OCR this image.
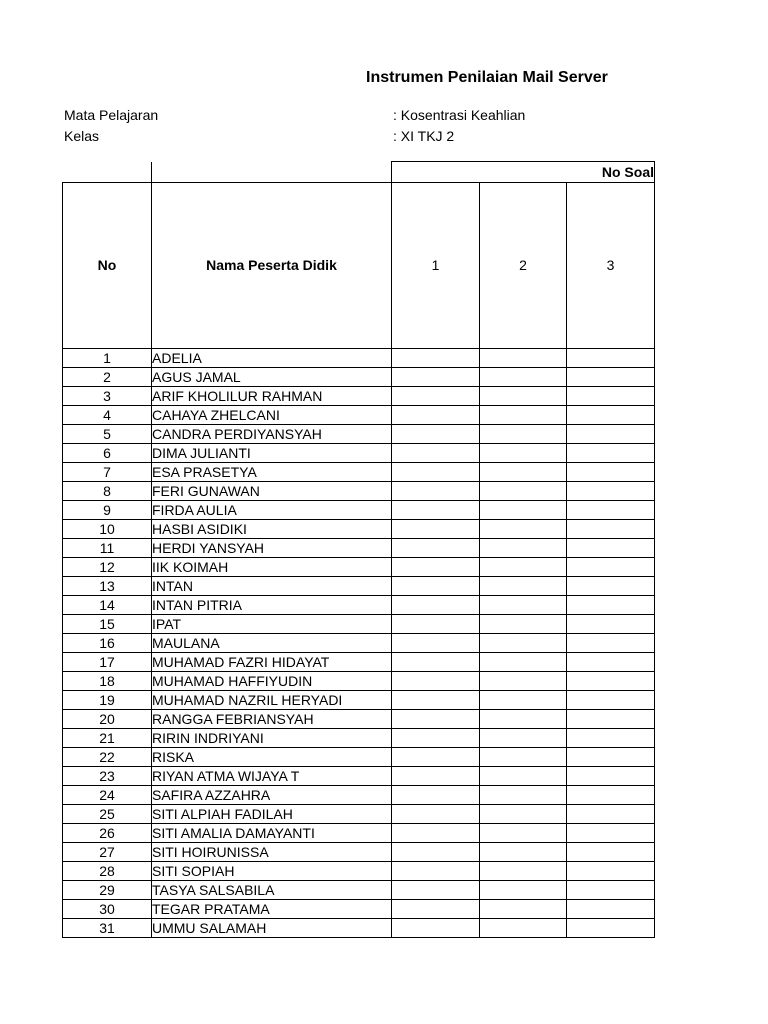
Instrumen Penilaian Mail Server
Mata Pelajaran	: Kosentrasi Keahlian
Kelas	: XI TKJ 2
		No Soal		
No	Nama Peserta Didik	1	2	3
1	ADELIA			
2	AGUS JAMAL			
3	ARIF KHOLILUR RAHMAN			
4	CAHAYA ZHELCANI			
5	CANDRA PERDIYANSYAH			
6	DIMA JULIANTI			
7	ESA PRASETYA			
8	FERI GUNAWAN			
9	FIRDA AULIA			
10	HASBI ASIDIKI			
11	HERDI YANSYAH			
12	IIK KOIMAH			
13	INTAN			
14	INTAN PITRIA			
15	IPAT			
16	MAULANA			
17	MUHAMAD FAZRI HIDAYAT			
18	MUHAMAD HAFFIYUDIN			
19	MUHAMAD NAZRIL HERYADI			
20	RANGGA FEBRIANSYAH			
21	RIRIN INDRIYANI			
22	RISKA			
23	RIYAN ATMA WIJAYA T			
24	SAFIRA AZZAHRA			
25	SITI ALPIAH FADILAH			
26	SITI AMALIA DAMAYANTI			
27	SITI HOIRUNISSA			
28	SITI SOPIAH			
29	TASYA SALSABILA			
30	TEGAR PRATAMA			
31	UMMU SALAMAH			
